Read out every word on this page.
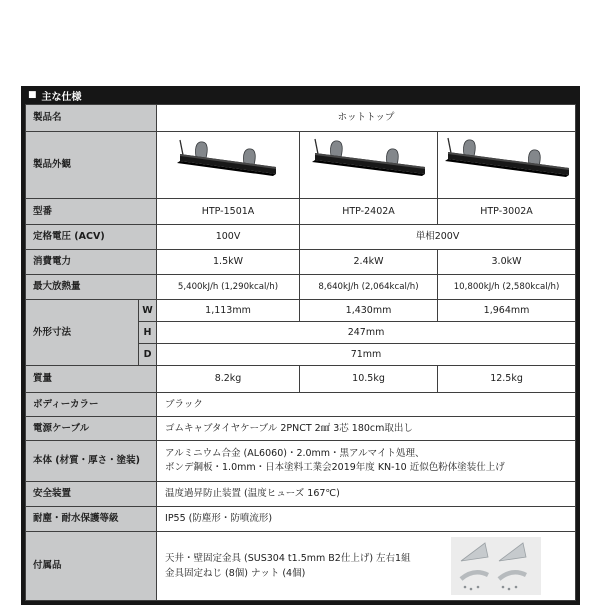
■ 主な仕様
製品名		ホットトップ		
製品外観			
型番		HTP-1501A	HTP-2402A	HTP-3002A
定格電圧 (ACV)		100V	単相200V	
消費電力		1.5kW	2.4kW	3.0kW
最大放熱量		5,400kJ/h (1,290kcal/h)	8,640kJ/h (2,064kcal/h)	10,800kJ/h (2,580kcal/h)
外形寸法	W	1,113mm	1,430mm	1,964mm
	H	247mm		
	D	71mm		
質量		8.2kg	10.5kg	12.5kg
ボディーカラー		ブラック		
電源ケーブル		ゴムキャブタイヤケーブル 2PNCT 2㎟ 3芯 180cm取出し		
本体 (材質・厚さ・塗装)		アルミニウム合金 (AL6060)・2.0mm・黒アルマイト処理、
ボンデ鋼板・1.0mm・日本塗料工業会2019年度 KN-10 近似色粉体塗装仕上げ		

安全装置		温度過昇防止装置 (温度ヒューズ 167℃)		
耐塵・耐水保護等級		IP55 (防塵形・防噴流形)		
付属品		天井・壁固定金具 (SUS304 t1.5mm B2仕上げ) 左右1組
金具固定ねじ (8個) ナット (4個)		
